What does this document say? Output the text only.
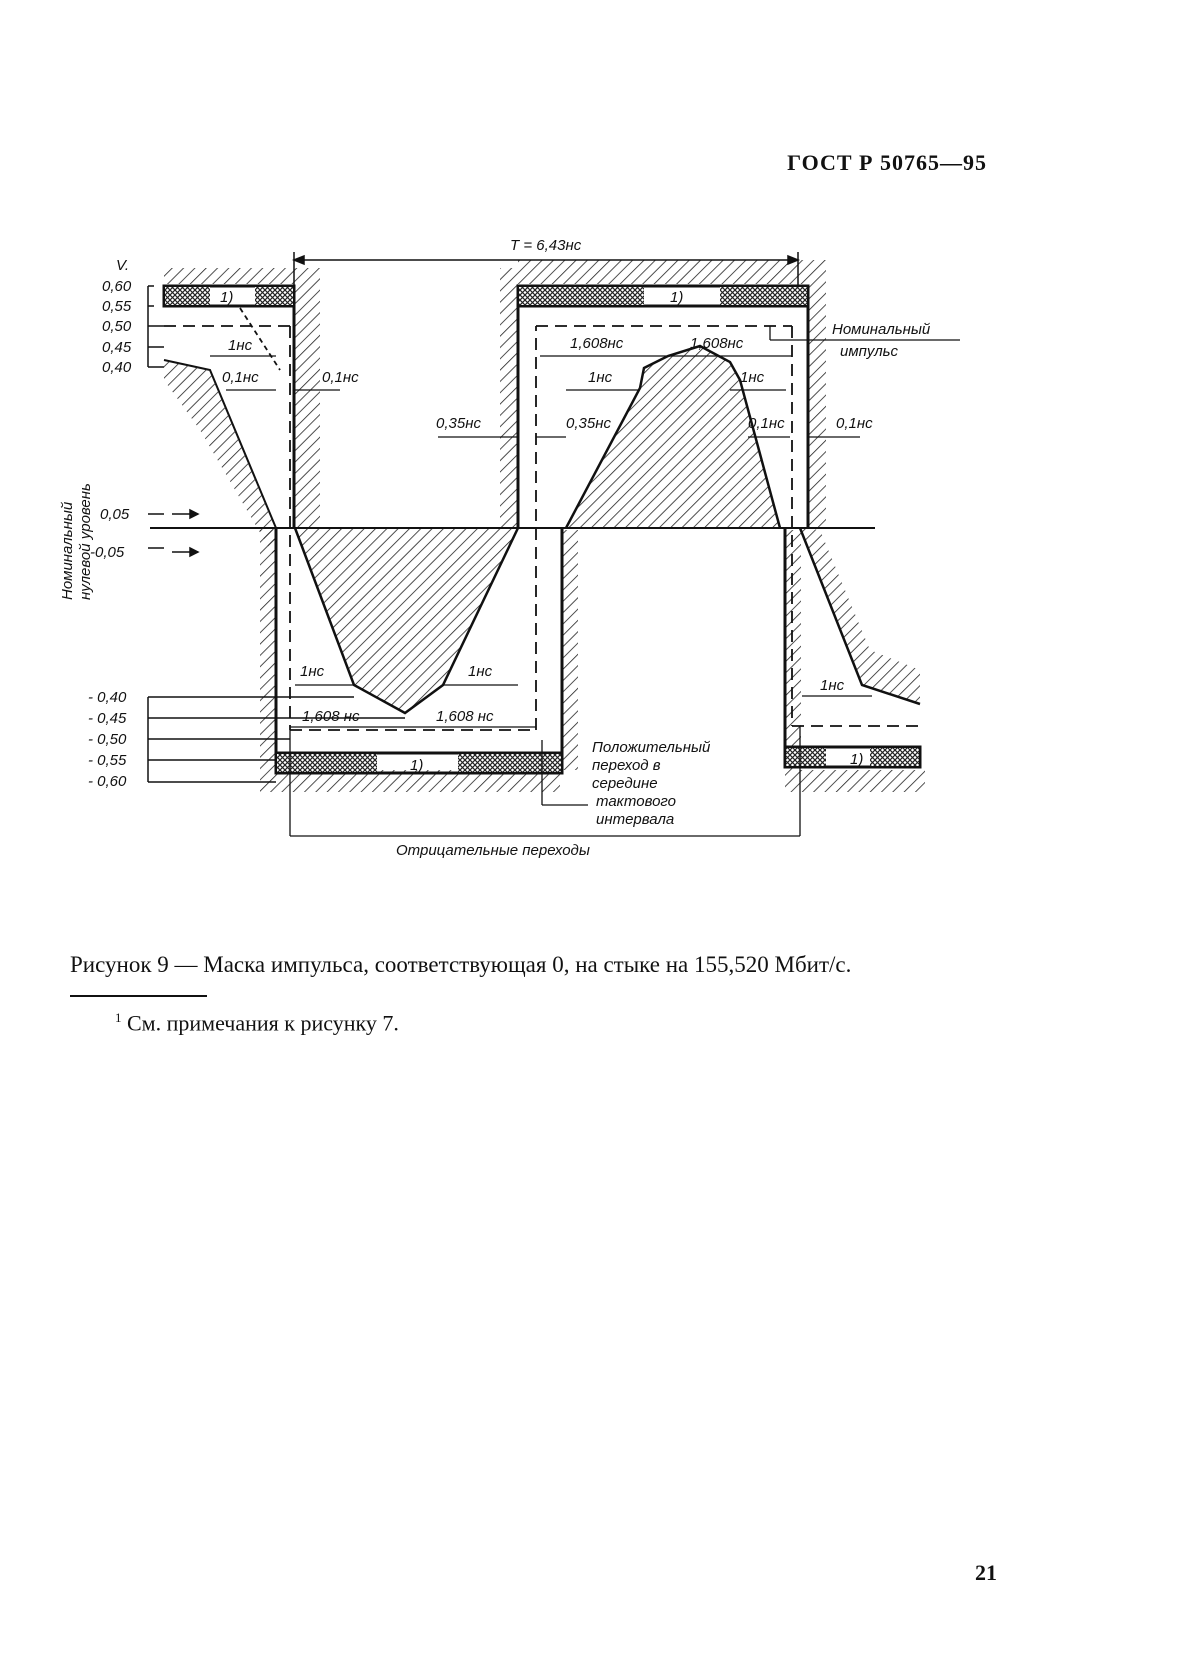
ГОСТ Р 50765—95
1)	1)
1)	1)
V.
0,60
0,55
0,50
0,45
0,40
0,05
-0,05
- 0,40
- 0,45
- 0,50
- 0,55
- 0,60
Номинальный нулевой уровень
T = 6,43нс
1нс
0,1нс	0,1нс
0,35нс	0,35нс
1,608нс	1,608нс
1нс	1нс
0,1нс	0,1нс
1нс	1нс
1,608 нс	1,608 нс
1нс
Номинальный
импульс
Положительный
переход в
середине
тактового
интервала
Отрицательные переходы
Рисунок 9 — Маска импульса, соответствующая 0, на стыке на 155,520 Мбит/с.
$^1$ См. примечания к рисунку 7.
21
